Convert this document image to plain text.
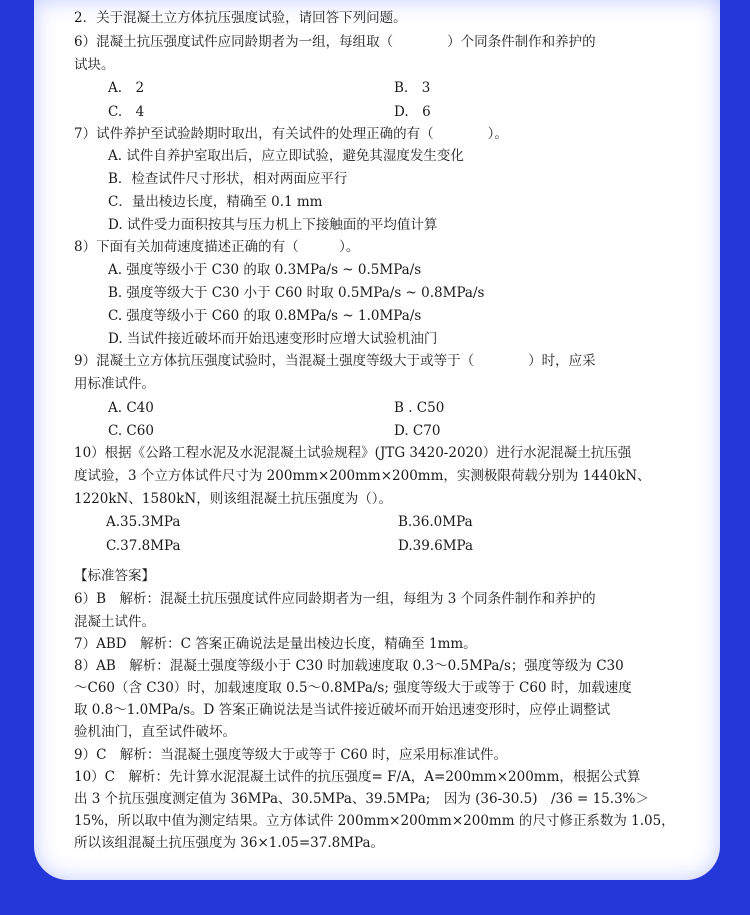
2．关于混凝土立方体抗压强度试验，请回答下列问题。
6）混凝土抗压强度试件应同龄期者为一组，每组取（　　　　）个同条件制作和养护的
试块。
A.　2	B.　3
C.　4	D.　6
7）试件养护至试验龄期时取出，有关试件的处理正确的有（　　　　）。
A. 试件自养护室取出后，应立即试验，避免其湿度发生变化
B．检查试件尺寸形状，相对两面应平行
C．量出棱边长度，精确至 0.1 mm
D. 试件受力面积按其与压力机上下接触面的平均值计算
8）下面有关加荷速度描述正确的有（　　　）。
A. 强度等级小于 C30 的取 0.3MPa/s ~ 0.5MPa/s
B. 强度等级大于 C30 小于 C60 时取 0.5MPa/s ~ 0.8MPa/s
C. 强度等级小于 C60 的取 0.8MPa/s ~ 1.0MPa/s
D. 当试件接近破坏而开始迅速变形时应增大试验机油门
9）混凝土立方体抗压强度试验时，当混凝土强度等级大于或等于（　　　　）时，应采
用标准试件。
A. C40	B . C50
C. C60	D. C70
10）根据《公路工程水泥及水泥混凝土试验规程》(JTG 3420-2020）进行水泥混凝土抗压强
度试验，3 个立方体试件尺寸为 200mm×200mm×200mm，实测极限荷载分别为 1440kN、
1220kN、1580kN，则该组混凝土抗压强度为（）。
A.35.3MPa	B.36.0MPa
C.37.8MPa	D.39.6MPa
【标准答案】
6）B　解析：混凝土抗压强度试件应同龄期者为一组，每组为 3 个同条件制作和养护的
混凝土试件。
7）ABD　解析：C 答案正确说法是量出棱边长度，精确至 1mm。
8）AB　解析：混凝土强度等级小于 C30 时加载速度取 0.3～0.5MPa/s；强度等级为 C30
～C60（含 C30）时，加载速度取 0.5～0.8MPa/s; 强度等级大于或等于 C60 时，加载速度
取 0.8～1.0MPa/s。D 答案正确说法是当试件接近破坏而开始迅速变形时，应停止调整试
验机油门，直至试件破坏。
9）C　解析：当混凝土强度等级大于或等于 C60 时，应采用标准试件。
10）C　解析：先计算水泥混凝土试件的抗压强度= F/A，A=200mm×200mm，根据公式算
出 3 个抗压强度测定值为 36MPa、30.5MPa、39.5MPa;　因为 (36-30.5)　/36 = 15.3%＞
15%，所以取中值为测定结果。立方体试件 200mm×200mm×200mm 的尺寸修正系数为 1.05，
所以该组混凝土抗压强度为 36×1.05=37.8MPa。
